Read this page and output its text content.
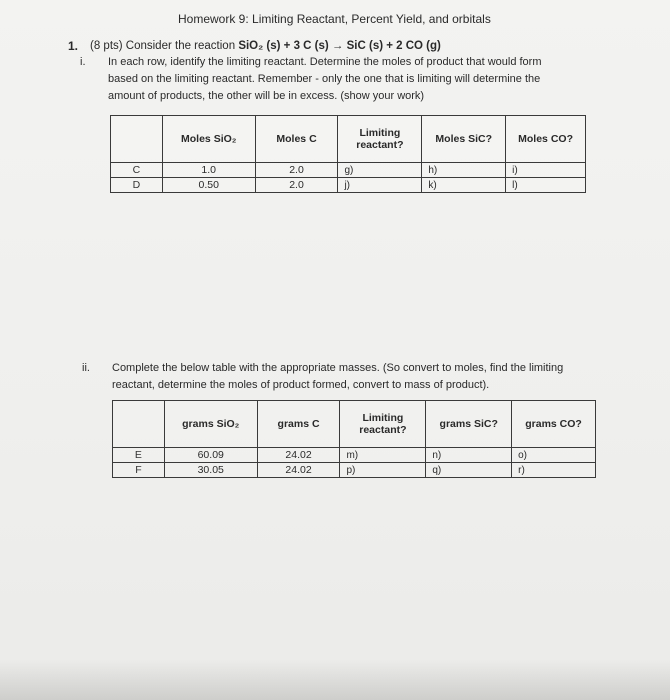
Homework 9: Limiting Reactant, Percent Yield, and orbitals
1. (8 pts) Consider the reaction SiO₂ (s) + 3 C (s) → SiC (s) + 2 CO (g)
i. In each row, identify the limiting reactant. Determine the moles of product that would form
based on the limiting reactant. Remember - only the one that is limiting will determine the
amount of products, the other will be in excess. (show your work)
	Moles SiO₂	Moles C	Limiting reactant?	Moles SiC?	Moles CO?
C	1.0	2.0	g)	h)	i)
D	0.50	2.0	j)	k)	l)
ii. Complete the below table with the appropriate masses. (So convert to moles, find the limiting
reactant, determine the moles of product formed, convert to mass of product).
	grams SiO₂	grams C	Limiting reactant?	grams SiC?	grams CO?
E	60.09	24.02	m)	n)	o)
F	30.05	24.02	p)	q)	r)
